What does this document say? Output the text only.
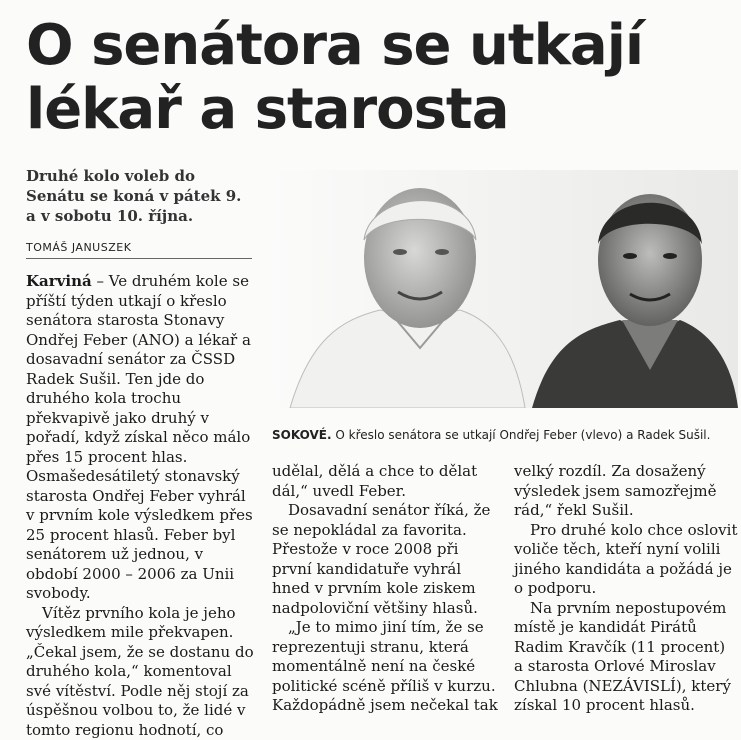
O senátora se utkají
lékař a starosta
Druhé kolo voleb do Senátu se koná v pátek 9. a v sobotu 10. října.
TOMÁŠ JANUSZEK
SOKOVÉ. O křeslo senátora se utkají Ondřej Feber (vlevo) a Radek Sušil.

Karviná – Ve druhém kole se příští týden utkají o křeslo senátora starosta Stonavy Ondřej Feber (ANO) a lékař a dosavadní senátor za ČSSD Radek Sušil. Ten jde do druhého kola trochu překvapivě jako druhý v pořadí, když získal něco málo přes 15 procent hlas. Osmašedesátiletý stonavský starosta Ondřej Feber vyhrál v prvním kole výsledkem přes 25 procent hlasů. Feber byl senátorem už jednou, v období 2000 – 2006 za Unii svobody.

Vítěz prvního kola je jeho výsledkem mile překvapen. „Čekal jsem, že se dostanu do druhého kola,“ komentoval své vítěství. Podle něj stojí za úspěšnou volbou to, že lidé v tomto regionu hodnotí, co

udělal, dělá a chce to dělat dál,“ uvedl Feber.

Dosavadní senátor říká, že se nepokládal za favorita. Přestože v roce 2008 při první kandidatuře vyhrál hned v prvním kole ziskem nadpoloviční většiny hlasů.

„Je to mimo jiní tím, že se reprezentuji stranu, která momentálně není na české politické scéně příliš v kurzu. Každopádně jsem nečekal tak

velký rozdíl. Za dosažený výsledek jsem samozřejmě rád,“ řekl Sušil.

Pro druhé kolo chce oslovit voliče těch, kteří nyní volili jiného kandidáta a požádá je o podporu.

Na prvním nepostupovém místě je kandidát Pirátů Radim Kravčík (11 procent) a starosta Orlové Miroslav Chlubna (NEZÁVISLÍ), který získal 10 procent hlasů.
